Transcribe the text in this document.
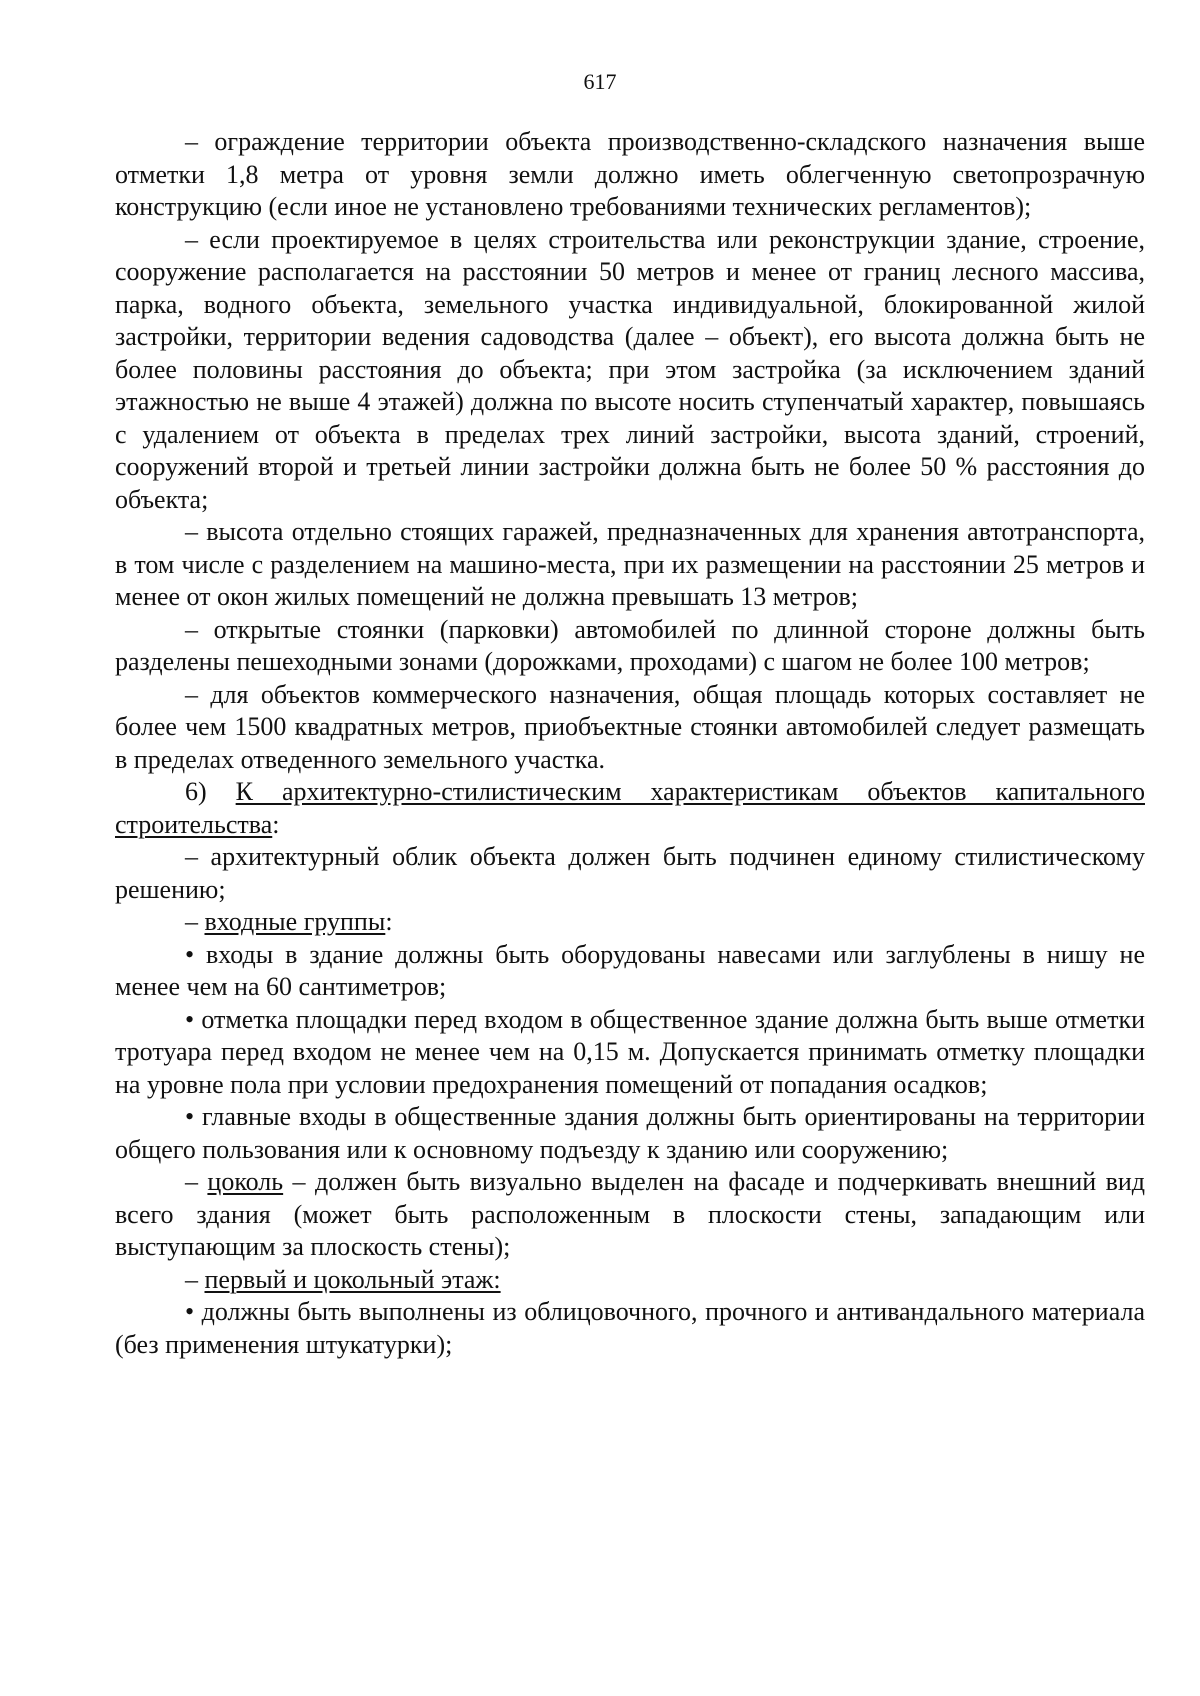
617

– ограждение территории объекта производственно-складского назначения выше отметки 1,8 метра от уровня земли должно иметь облегченную светопрозрачную конструкцию (если иное не установлено требованиями технических регламентов);

– если проектируемое в целях строительства или реконструкции здание, строение, сооружение располагается на расстоянии 50 метров и менее от границ лесного массива, парка, водного объекта, земельного участка индивидуальной, блокированной жилой застройки, территории ведения садоводства (далее – объект), его высота должна быть не более половины расстояния до объекта; при этом застройка (за исключением зданий этажностью не выше 4 этажей) должна по высоте носить ступенчатый характер, повышаясь с удалением от объекта в пределах трех линий застройки, высота зданий, строений, сооружений второй и третьей линии застройки должна быть не более 50 % расстояния до объекта;

– высота отдельно стоящих гаражей, предназначенных для хранения автотранспорта, в том числе с разделением на машино-места, при их размещении на расстоянии 25 метров и менее от окон жилых помещений не должна превышать 13 метров;

– открытые стоянки (парковки) автомобилей по длинной стороне должны быть разделены пешеходными зонами (дорожками, проходами) с шагом не более 100 метров;

– для объектов коммерческого назначения, общая площадь которых составляет не более чем 1500 квадратных метров, приобъектные стоянки автомобилей следует размещать в пределах отведенного земельного участка.

6) К архитектурно-стилистическим характеристикам объектов капитального строительства:

– архитектурный облик объекта должен быть подчинен единому стилистическому решению;

– входные группы:

• входы в здание должны быть оборудованы навесами или заглублены в нишу не менее чем на 60 сантиметров;

• отметка площадки перед входом в общественное здание должна быть выше отметки тротуара перед входом не менее чем на 0,15 м. Допускается принимать отметку площадки на уровне пола при условии предохранения помещений от попадания осадков;

• главные входы в общественные здания должны быть ориентированы на территории общего пользования или к основному подъезду к зданию или сооружению;

– цоколь – должен быть визуально выделен на фасаде и подчеркивать внешний вид всего здания (может быть расположенным в плоскости стены, западающим или выступающим за плоскость стены);

– первый и цокольный этаж:

• должны быть выполнены из облицовочного, прочного и антивандального материала (без применения штукатурки);
